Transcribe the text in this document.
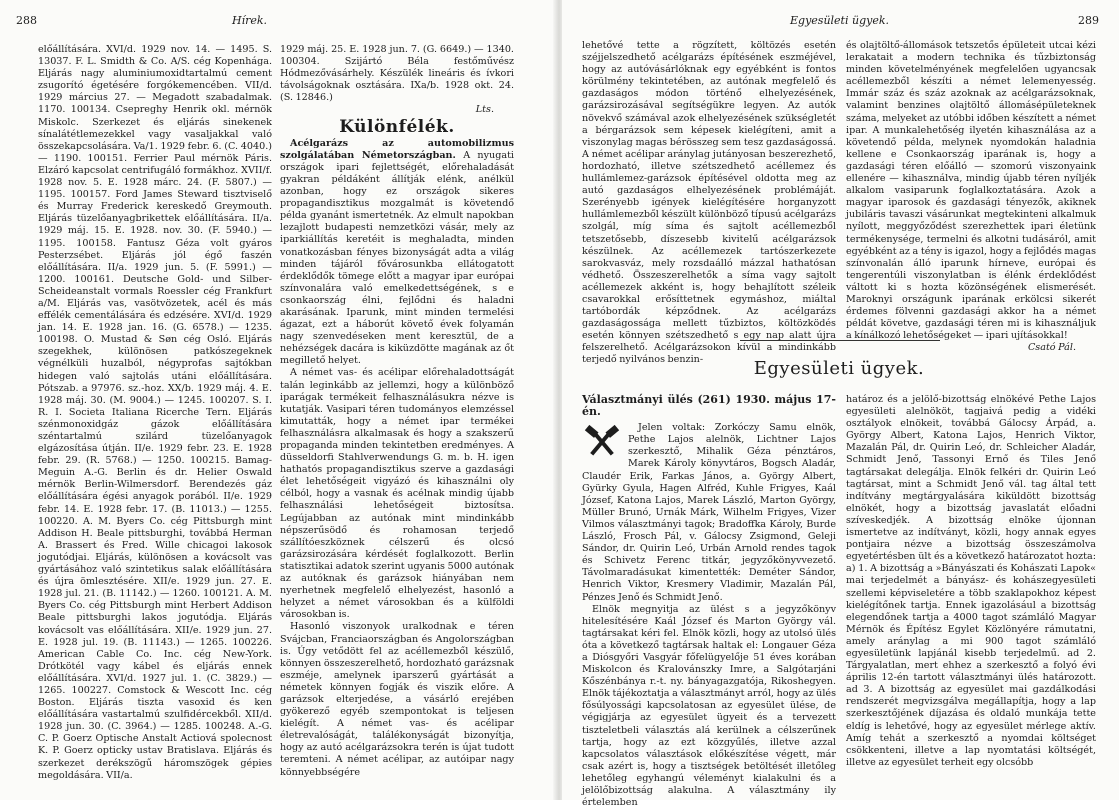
288	Hírek.

előállítására. XVI/d. 1929 nov. 14. — 1495. S. 13037. F. L. Smidth & Co. A/S. cég Kopenhága. Eljárás nagy aluminiumoxidtartalmú cement zsugorító égetésére forgókemencében. VII/d. 1929 március 27. — Megadott szabadalmak. 1170. 100134. Csepreghy Henrik okl. mérnök Miskolc. Szerkezet és eljárás sinekenek sínalátétlemezekkel vagy vasaljakkal való összekapcsolására. Va/1. 1929 febr. 6. (C. 4040.) — 1190. 100151. Ferrier Paul mérnök Páris. Elzáró kapcsolat centrifugáló formákhoz. XVII/f. 1928 nov. 5. E. 1928 márc. 24. (F. 5807.) — 1195. 100157. Ford James Steward tisztviselő és Murray Frederick kereskedő Greymouth. Eljárás tüzelőanyagbrikettek előállítására. II/a. 1929 máj. 15. E. 1928. nov. 30. (F. 5940.) — 1195. 100158. Fantusz Géza volt gyáros Pesterzsébet. Eljárás jól égő faszén előállítására. II/a. 1929 jun. 5. (F. 5991.) — 1200. 100161. Deutsche Gold- und Silber-Scheideanstalt vormals Roessler cég Frankfurt a/M. Eljárás vas, vasötvözetek, acél és más effélék cementálására és edzésére. XVI/d. 1929 jan. 14. E. 1928 jan. 16. (G. 6578.) — 1235. 100198. O. Mustad & Søn cég Osló. Eljárás szegekhek, különösen patkószegeknek végnélküli huzalból, négyprofas sajtókban hidegen való sajtolás utáni előállítására. Pótszab. a 97976. sz.-hoz. XX/b. 1929 máj. 4. E. 1928 máj. 30. (M. 9004.) — 1245. 100207. S. I. R. I. Societa Italiana Ricerche Tern. Eljárás szénmonoxidgáz gázok előállítására széntartalmú szilárd tüzelőanyagok elgázosítása útján. II/e. 1929 febr. 23. E. 1928 febr. 29. (R. 5768.) — 1250. 100215. Bamag-Meguin A.-G. Berlin és dr. Helier Oswald mérnök Berlin-Wilmersdorf. Berendezés gáz előállítására égési anyagok porából. II/e. 1929 febr. 14. E. 1928 febr. 17. (B. 11013.) — 1255. 100220. A. M. Byers Co. cég Pittsburgh mint Addison H. Beale pittsburghi, továbbá Herman A. Brassert és Fred. Wille chicagoi lakosok jogutódjai. Eljárás, különösen a kovácsolt vas gyártásához való szintetikus salak előállítására és újra ömlesztésére. XII/e. 1929 jun. 27. E. 1928 jul. 21. (B. 11142.) — 1260. 100121. A. M. Byers Co. cég Pittsburgh mint Herbert Addison Beale pittsburghi lakos jogutódja. Eljárás kovácsolt vas előállítására. XII/e. 1929 jun. 27. E. 1928 jul. 19. (B. 11143.) — 1265. 100226. American Cable Co. Inc. cég New-York. Drótkötél vagy kábel és eljárás ennek előállítására. XVI/d. 1927 jul. 1. (C. 3829.) — 1265. 100227. Comstock & Wescott Inc. cég Boston. Eljárás tiszta vasoxid és ken előállítására vastartalmú szulfidércekből. XII/d. 1928 jun. 30. (C. 3964.) — 1285. 100248. A.-G. C. P. Goerz Optische Anstalt Actiová spolecnost K. P. Goerz opticky ustav Bratislava. Eljárás és szerkezet derékszögű háromszögek gépies megoldására. VII/a.

1929 máj. 25. E. 1928 jun. 7. (G. 6649.) — 1340. 100304. Szijártó Béla festőművész Hódmezővásárhely. Készülék lineáris és ívkori távolságoknak osztására. IXa/b. 1928 okt. 24. (S. 12846.)

Lts.
Különfélék.

Acélgarázs az automobilizmus szolgálatában Németországban. A nyugati országok ipari fejlettségét, előrehaladását gyakran példáként állítják elénk, anélkül azonban, hogy ez országok sikeres propagandisztikus mozgalmát is követendő példa gyanánt ismertetnék. Az elmult napokban lezajlott budapesti nemzetközi vásár, mely az iparkiállítás keretéit is meghaladta, minden vonatkozásban fényes bizonyságát adta a világ minden tájáról fővárosunkba ellátogatott érdeklődők tömege előtt a magyar ipar európai színvonalára való emelkedettségének, s e csonkaország élni, fejlődni és haladni akarásának. Iparunk, mint minden termelési ágazat, ezt a háborút követő évek folyamán nagy szenvedéseken ment keresztül, de a nehézségek dacára is kiküzdötte magának az őt megillető helyet.

A német vas- és acélipar előrehaladottságát talán leginkább az jellemzi, hogy a különböző iparágak termékeit felhasználásukra nézve is kutatják. Vasipari téren tudományos elemzéssel kimutatták, hogy a német ipar termékei felhasználásra alkalmasak és hogy a szakszerű propaganda minden tekintetben eredményes. A düsseldorfi Stahlverwendungs G. m. b. H. igen hathatós propagandisztikus szerve a gazdasági élet lehetőségeit vigyázó és kihasználni oly célból, hogy a vasnak és acélnak mindig újabb felhasználási lehetőségeit biztosítsa. Legújabban az autónak mint mindinkább népszerűsödő és rohamosan terjedő szállítóeszköznek célszerű és olcsó garázsirozására kérdését foglalkozott. Berlin statisztikai adatok szerint ugyanis 5000 autónak az autóknak és garázsok hiányában nem nyerhetnek megfelelő elhelyezést, hasonló a helyzet a német városokban és a külföldi városokban is.

Hasonló viszonyok uralkodnak e téren Svájcban, Franciaországban és Angolországban is. Úgy vetődött fel az acéllemezből készülő, könnyen összeszerelhető, hordozható garázsnak eszméje, amelynek iparszerű gyártását a németek könnyen fogják és viszik előre. A garázsok elterjedése, a vásárló erejében gyökerező egyéb szempontokat is teljesen kielégít. A német vas- és acélipar életrevalóságát, találékonyságát bizonyítja, hogy az autó acélgarázsokra terén is újat tudott teremteni. A német acélipar, az autóipar nagy könnyebbségére

Egyesületi ügyek.	289

lehetővé tette a rögzített, költözés esetén széjjelszedhető acélgarázs építésének eszméjével, hogy az autóvásárlóknak egy egyébként is fontos körülmény tekintetében, az autónak megfelelő és gazdaságos módon történő elhelyezésének, garázsirozásával segítségükre legyen. Az autók növekvő számával azok elhelyezésének szükségletét a bérgarázsok sem képesek kielégíteni, amit a viszonylag magas bérösszeg sem tesz gazdaságossá. A német acélipar aránylag jutányosan beszerezhető, hordozható, illetve szétszedhető acéllemez és hullámlemez-garázsok építésével oldotta meg az autó gazdaságos elhelyezésének problémáját. Szerényebb igények kielégítésére horganyzott hullámlemezből készült különböző típusú acélgarázs szolgál, míg síma és sajtolt acéllemezből tetszetősebb, díszesebb kivitelű acélgarázsok készülnek. Az acéllemezek tartószerkezete sarokvasváz, mely rozsdaálló mázzal hathatósan védhető. Összeszerelhetők a síma vagy sajtolt acéllemezek akként is, hogy behajlított széleik csavarokkal erősíttetnek egymáshoz, miáltal tartóbordák képződnek. Az acélgarázs gazdaságossága mellett tűzbiztos, költözködés esetén könnyen szétszedhető s egy nap alatt újra felszerelhető. Acélgarázsokon kívül a mindinkább terjedő nyilvános benzin-

és olajtöltő-állomások tetszetős épületeit utcai kézi lerakatait a modern technika és tűzbiztonság minden követelményének megfelelően ugyancsak acéllemezből készíti a német lelemenyesség. Immár száz és száz azoknak az acélgarázsoknak, valamint benzines olajtöltő állomásépületeknek száma, melyeket az utóbbi időben készített a német ipar. A munkalehetőség ilyetén kihasználása az a követendő példa, melynek nyomdokán haladnia kellene e Csonkaország iparának is, hogy a gazdasági téren előálló — szomorú viszonyaink ellenére — kihasználva, mindig újabb téren nyíljék alkalom vasiparunk foglalkoztatására. Azok a magyar iparosok és gazdasági tényezők, akiknek jubiláris tavaszi vásárunkat megtekinteni alkalmuk nyílott, meggyőződést szerezhettek ipari életünk termékenysége, termelni és alkotni tudásáról, amit egyébként az a tény is igazol, hogy a fejlődés magas színvonalán álló iparunk hírneve, európai és tengerentúli viszonylatban is élénk érdeklődést váltott ki s hozta közönségének elismerését. Maroknyi országunk iparának erkölcsi sikerét érdemes fölvenni gazdasági akkor ha a német példát követve, gazdasági téren mi is kihasználjuk a kínálkozó lehetőségeket — ipari ujításokkal!

Csató Pál.
Egyesületi ügyek.
Választmányi ülés (261) 1930. május 17-én.

Jelen voltak: Zorkóczy Samu elnök, Pethe Lajos alelnök, Lichtner Lajos szerkesztő, Mihalik Géza pénztáros, Marek Károly könyvtáros, Bogsch Aladár, Claudér Erik, Farkas János, a. György Albert, Gyürky Gyula, Hagen Alfréd, Kuhle Frigyes, Kaál József, Katona Lajos, Marek László, Marton György, Müller Brunó, Urnák Márk, Wilhelm Frigyes, Vizer Vilmos választmányi tagok; Bradoffka Károly, Burde László, Frosch Pál, v. Gálocsy Zsigmond, Geleji Sándor, dr. Quirin Leó, Urbán Arnold rendes tagok és Schivetz Ferenc titkár, jegyzőkönyvvezető. Távolmaradásukat kimentették: Deméter Sándor, Henrich Viktor, Kresmery Vladimir, Mazalán Pál, Pénzes Jenő és Schmidt Jenő.

Elnök megnyitja az ülést s a jegyzőkönyv hitelesítésére Kaál József és Marton György vál. tagtársakat kéri fel. Elnök közli, hogy az utolsó ülés óta a következő tagtársak haltak el: Longauer Géza a Diósgyőri Vasgyár főfelügyelője 51 éves korában Miskolcon és Kralovánszky Imre, a Salgótarjáni Kőszénbánya r.-t. ny. bányagazgatója, Rikoshegyen. Elnök tájékoztatja a választmányt arról, hogy az ülés fősúlyossági kapcsolatosan az egyesület ülése, de végigjárja az egyesület ügyeit és a tervezett tiszteletbeli választás alá kerülnek a célszerűnek tartja, hogy az ezt közgyűlés, illetve azzal kapcsolatos választások előkészítése végett, már csak azért is, hogy a tisztségek betöltését illetőleg lehetőleg egyhangú véleményt kialakulni és a jelölőbizottság alakulna. A választmány ily értelemben

határoz és a jelölő-bizottság elnökévé Pethe Lajos egyesületi alelnököt, tagjaivá pedig a vidéki osztályok elnökeit, továbbá Gálocsy Árpád, a. György Albert, Katona Lajos, Henrich Viktor, Mazalán Pál, dr. Quirin Leó, dr. Schleicher Aladár, Schmidt Jenő, Tassonyi Ernő és Tiles Jenő tagtársakat delegálja. Elnök felkéri dr. Quirin Leó tagtársat, mint a Schmidt Jenő vál. tag által tett indítvány megtárgyalására kiküldött bizottság elnökét, hogy a bizottság javaslatát előadni szíveskedjék. A bizottság elnöke újonnan ismertetve az indítványt, közli, hogy annak egyes pontjaira nézve a bizottság összeszámolva egyetértésben ült és a következő határozatot hozta: a) 1. A bizottság a »Bányászati és Kohászati Lapok« mai terjedelmét a bányász- és kohászegyesületi szellemi képviseletére a több szaklapokhoz képest kielégítőnek tartja. Ennek igazolásául a bizottság elegendőnek tartja a 4000 tagot számláló Magyar Mérnök és Építész Egylet Közlönyére rámutatni, amely aránylag a mi 900 tagot számláló egyesületünk lapjánál kisebb terjedelmű. ad 2. Tárgyalatlan, mert ehhez a szerkesztő a folyó évi április 12-én tartott választmányi ülés határozott. ad 3. A bizottság az egyesület mai gazdálkodási rendszerét megvizsgálva megállapítja, hogy a lap szerkesztőjének díjazása és oldaló munkája tette eldíg is lehetővé, hogy az egyesület mérlege aktív. Amíg tehát a szerkesztő a nyomdai költséget csökkenteni, illetve a lap nyomtatási költségét, illetve az egyesület terheit egy olcsóbb
